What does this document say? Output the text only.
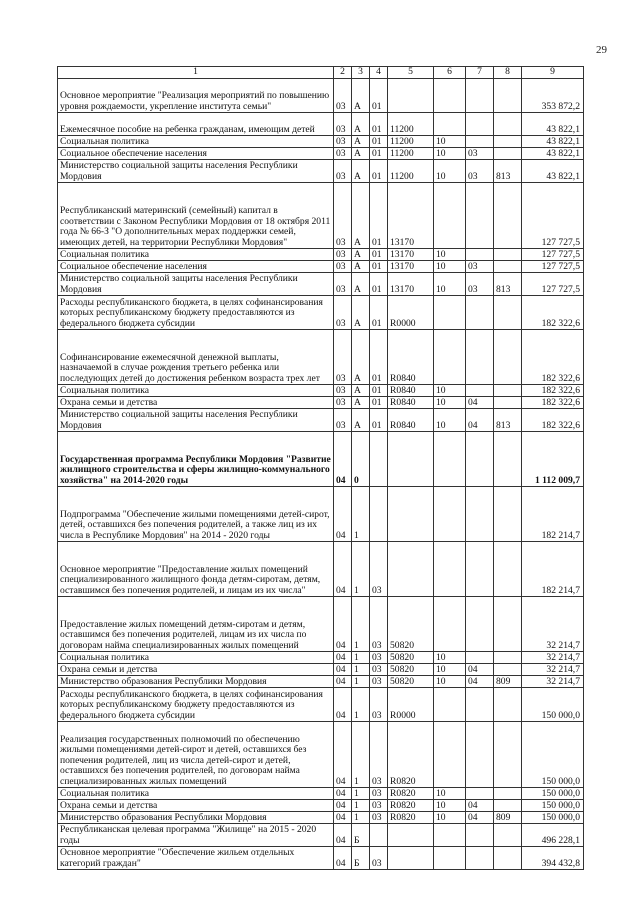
29
1	2	3	4	5	6	7	8	9
Основное мероприятие "Реализация мероприятий по повышению уровня рождаемости, укрепление института семьи"	03	А	01					353 872,2
Ежемесячное пособие на ребенка гражданам, имеющим детей	03	А	01	11200				43 822,1
Социальная политика	03	А	01	11200	10			43 822,1
Социальное обеспечение населения	03	А	01	11200	10	03		43 822,1
Министерство социальной защиты населения Республики Мордовия	03	А	01	11200	10	03	813	43 822,1
Республиканский материнский (семейный) капитал в соответствии с Законом Республики Мордовия от 18 октября 2011 года № 66-З "О дополнительных мерах поддержки семей, имеющих детей, на территории Республики Мордовия"	03	А	01	13170				127 727,5
Социальная политика	03	А	01	13170	10			127 727,5
Социальное обеспечение населения	03	А	01	13170	10	03		127 727,5
Министерство социальной защиты населения Республики Мордовия	03	А	01	13170	10	03	813	127 727,5
Расходы республиканского бюджета, в целях софинансирования которых республиканскому бюджету предоставляются из федерального бюджета субсидии	03	А	01	R0000				182 322,6
Софинансирование ежемесячной денежной выплаты, назначаемой в случае рождения третьего ребенка или последующих детей до достижения ребенком возраста трех лет	03	А	01	R0840				182 322,6
Социальная политика	03	А	01	R0840	10			182 322,6
Охрана семьи и детства	03	А	01	R0840	10	04		182 322,6
Министерство социальной защиты населения Республики Мордовия	03	А	01	R0840	10	04	813	182 322,6
Государственная программа Республики Мордовия "Развитие жилищного строительства и сферы жилищно-коммунального хозяйства" на 2014-2020 годы	04	0						1 112 009,7
Подпрограмма "Обеспечение жилыми помещениями детей-сирот, детей, оставшихся без попечения родителей, а также лиц из их числа в Республике Мордовия" на 2014 - 2020 годы	04	1						182 214,7
Основное мероприятие "Предоставление жилых помещений специализированного жилищного фонда детям-сиротам, детям, оставшимся без попечения родителей, и лицам из их числа"	04	1	03					182 214,7
Предоставление жилых помещений детям-сиротам и детям, оставшимся без попечения родителей, лицам из их числа по договорам найма специализированных жилых помещений	04	1	03	50820				32 214,7
Социальная политика	04	1	03	50820	10			32 214,7
Охрана семьи и детства	04	1	03	50820	10	04		32 214,7
Министерство образования Республики Мордовия	04	1	03	50820	10	04	809	32 214,7
Расходы республиканского бюджета, в целях софинансирования которых республиканскому бюджету предоставляются из федерального бюджета субсидии	04	1	03	R0000				150 000,0
Реализация государственных полномочий по обеспечению жилыми помещениями детей-сирот и детей, оставшихся без попечения родителей, лиц из числа детей-сирот и детей, оставшихся без попечения родителей, по договорам найма специализированных жилых помещений	04	1	03	R0820				150 000,0
Социальная политика	04	1	03	R0820	10			150 000,0
Охрана семьи и детства	04	1	03	R0820	10	04		150 000,0
Министерство образования Республики Мордовия	04	1	03	R0820	10	04	809	150 000,0
Республиканская целевая программа "Жилище" на 2015 - 2020 годы	04	Б						496 228,1
Основное мероприятие "Обеспечение жильем отдельных категорий граждан"	04	Б	03					394 432,8
